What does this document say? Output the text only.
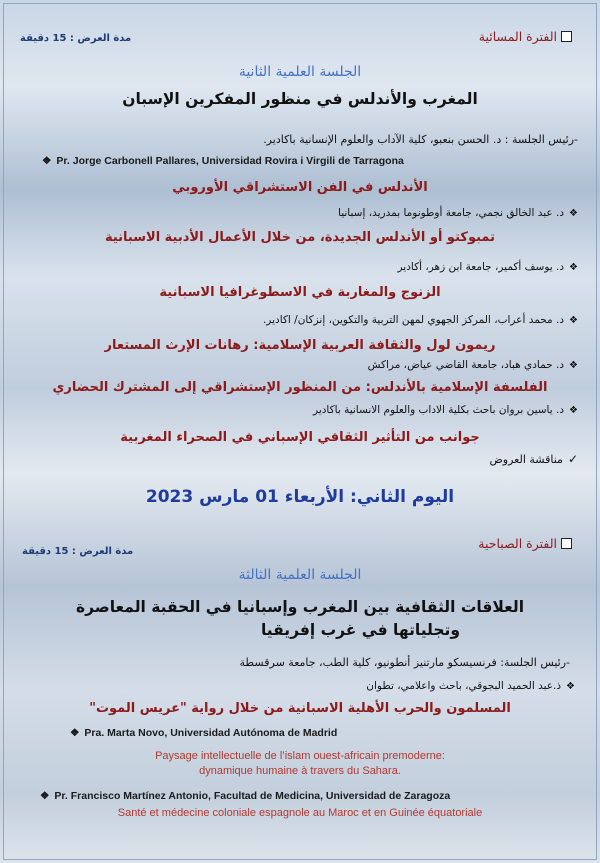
الفترة المسائية
مدة العرض : 15 دقيقة
الجلسة العلمية الثانية
المغرب والأندلس في منظور المفكرين الإسبان
-رئيس الجلسة : د. الحسن بنعبو، كلية الآداب والعلوم الإنسانية باكادير.
❖ Pr. Jorge Carbonell Pallares, Universidad Rovira i Virgili de Tarragona
الأندلس في الفن الاستشراقي الأوروبي
❖
د. عبد الخالق نجمي، جامعة أوطونوما بمدريد، إسبانيا
تمبوكتو أو الأندلس الجديدة، من خلال الأعمال الأدبية الاسبانية
❖
د. يوسف أكمير، جامعة ابن زهر، أكادير
الزنوج والمغاربة في الاسطوغرافيا الاسبانية
❖
د. محمد أعراب، المركز الجهوي لمهن التربية والتكوين، إنزكان/ اكادير.
ريمون لول والثقافة العربية الإسلامية: رهانات الإرث المستعار
❖
د. حمادي هباد، جامعة القاضي عياض، مراكش
الفلسفة الإسلامية بالأندلس: من المنظور الإستشراقي إلى المشترك الحضاري
❖
د. ياسين بروان باحث بكلية الاداب والعلوم الانسانية باكادير
جوانب من التأثير الثقافي الإسباني في الصحراء المغربية
✓
مناقشة العروض
اليوم الثاني: الأربعاء 01 مارس 2023
الفترة الصباحية
مدة العرض : 15 دقيقة
الجلسة العلمية الثالثة
العلاقات الثقافية بين المغرب وإسبانيا في الحقبة المعاصرة
وتجلياتها في غرب إفريقيا
-رئيس الجلسة: فرنسيسكو مارتنيز أنطونيو، كلية الطب، جامعة سرقسطة
❖
ذ.عبد الحميد البجوقي، باحث واعلامي، تطوان
المسلمون والحرب الأهلية الاسبانية من خلال رواية "عريس الموت"
❖ Pra. Marta Novo, Universidad Autónoma de Madrid
Paysage intellectuelle de l’islam ouest-africain premoderne:
dynamique humaine à travers du Sahara.
❖ Pr. Francisco Martínez Antonio, Facultad de Medicina, Universidad de Zaragoza
Santé et médecine coloniale espagnole au Maroc et en Guinée équatoriale
